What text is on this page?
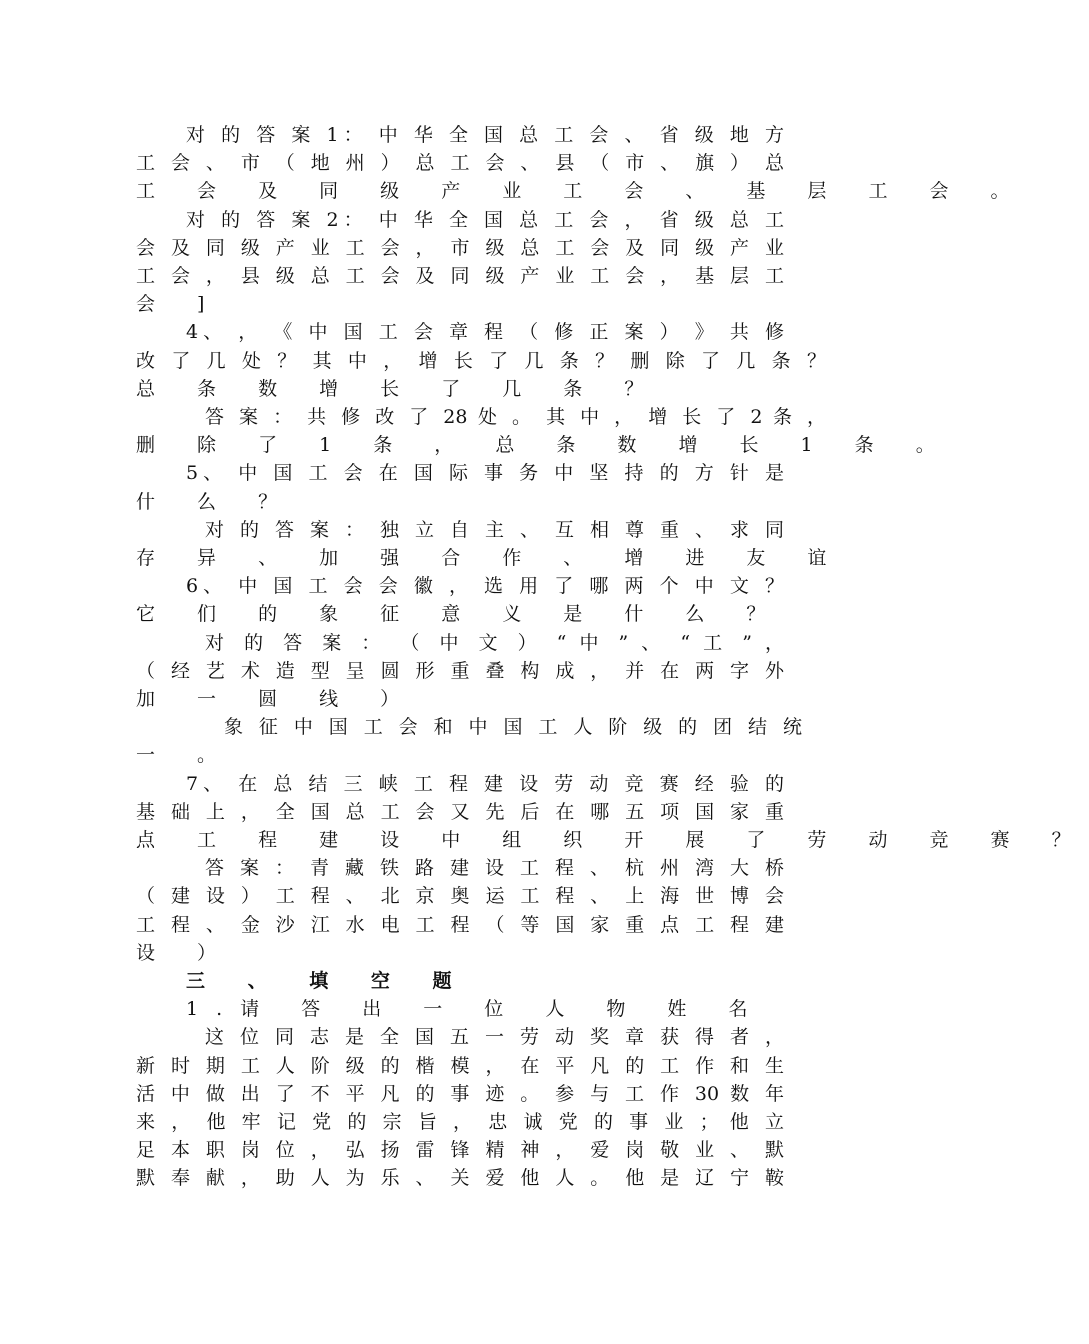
对 的 答 案 1： 中 华 全 国 总 工 会 、 省 级 地 方
工 会 、 市 （ 地 州 ） 总 工 会 、 县 （ 市 、 旗 ） 总
工 会 及 同 级 产 业 工 会 、 基 层 工 会 。
对 的 答 案 2： 中 华 全 国 总 工 会 ， 省 级 总 工
会 及 同 级 产 业 工 会 ， 市 级 总 工 会 及 同 级 产 业
工 会 ， 县 级 总 工 会 及 同 级 产 业 工 会 ， 基 层 工
会 ]
4、 ， 《 中 国 工 会 章 程 （ 修 正 案 ） 》 共 修
改 了 几 处 ？ 其 中 ， 增 长 了 几 条 ？ 删 除 了 几 条 ？
总 条 数 增 长 了 几 条 ？
答 案 ： 共 修 改 了 28 处 。 其 中 ， 增 长 了 2 条 ，
删 除 了 1 条 ， 总 条 数 增 长 1 条 。
5、 中 国 工 会 在 国 际 事 务 中 坚 持 的 方 针 是
什 么 ？
对 的 答 案 ： 独 立 自 主 、 互 相 尊 重 、 求 同
存 异 、 加 强 合 作 、 增 进 友 谊
6、 中 国 工 会 会 徽 ， 选 用 了 哪 两 个 中 文 ？
它 们 的 象 征 意 义 是 什 么 ？
对 的 答 案 ： （ 中 文 ） “ 中 ” 、 “ 工 ” ，
（ 经 艺 术 造 型 呈 圆 形 重 叠 构 成 ， 并 在 两 字 外
加 一 圆 线 ）
象 征 中 国 工 会 和 中 国 工 人 阶 级 的 团 结 统
一 。
7、 在 总 结 三 峡 工 程 建 设 劳 动 竞 赛 经 验 的
基 础 上 ， 全 国 总 工 会 又 先 后 在 哪 五 项 国 家 重
点 工 程 建 设 中 组 织 开 展 了 劳 动 竞 赛 ？
答 案 ： 青 藏 铁 路 建 设 工 程 、 杭 州 湾 大 桥
（ 建 设 ） 工 程 、 北 京 奥 运 工 程 、 上 海 世 博 会
工 程 、 金 沙 江 水 电 工 程 （ 等 国 家 重 点 工 程 建
设 ）
三 、 填 空 题
1.请 答 出 一 位 人 物 姓 名
这 位 同 志 是 全 国 五 一 劳 动 奖 章 获 得 者 ，
新 时 期 工 人 阶 级 的 楷 模 ， 在 平 凡 的 工 作 和 生
活 中 做 出 了 不 平 凡 的 事 迹 。 参 与 工 作 30 数 年
来 ， 他 牢 记 党 的 宗 旨 ， 忠 诚 党 的 事 业 ； 他 立
足 本 职 岗 位 ， 弘 扬 雷 锋 精 神 ， 爱 岗 敬 业 、 默
默 奉 献 ， 助 人 为 乐 、 关 爱 他 人 。 他 是 辽 宁 鞍
